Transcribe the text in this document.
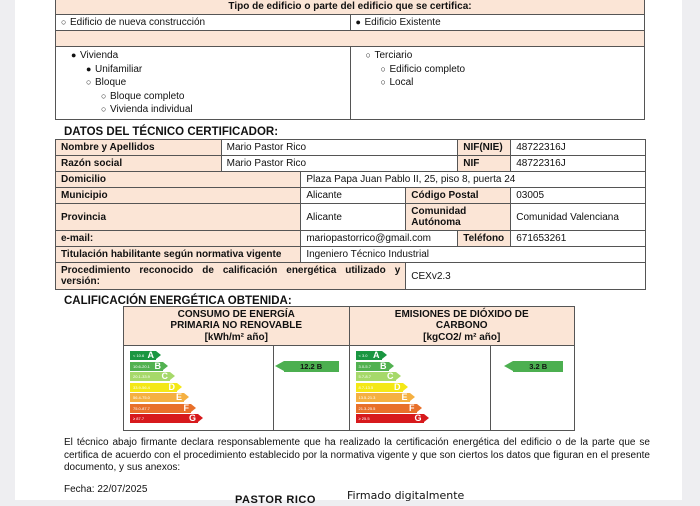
Tipo de edificio o parte del edificio que se certifica:	
○ Edificio de nueva construcción	● Edificio Existente

● Vivienda
● Unifamiliar
○ Bloque
○ Bloque completo
○ Vivienda individual

○ Terciario
○ Edificio completo
○ Local
DATOS DEL TÉCNICO CERTIFICADOR:
Nombre y Apellidos	Mario Pastor Rico			NIF(NIE)	48722316J
Razón social	Mario Pastor Rico			NIF	48722316J
Domicilio		Plaza Papa Juan Pablo II, 25, piso 8, puerta 24			
Municipio		Alicante	Código Postal		03005
Provincia		Alicante	Comunidad Autónoma		Comunidad Valenciana
e-mail:		mariopastorrico@gmail.com		Teléfono	671653261
Titulación habilitante según normativa vigente		Ingeniero Técnico Industrial			
Procedimiento reconocido de calificación energética utilizado y versión:			CEXv2.3		
CALIFICACIÓN ENERGÉTICA OBTENIDA:
CONSUMO DE ENERGÍA
PRIMARIA NO RENOVABLE
[kWh/m² año]

EMISIONES DE DIÓXIDO DE
CARBONO
[kgCO2/ m² año]

< 10.6 A
10.6-20.1 B
20.1-33.9 C
33.9-56.4 D
56.4-75.0	E
75.0-87.7	F
≥ 87.7	G

12.2 B

< 3.0 A
3.0-5.7 B
5.7-8.7 C
8.7-13.5 D
13.5-21.3	E
21.3-25.5	F
≥ 25.5	G

3.2 B
El técnico abajo firmante declara responsablemente que ha realizado la certificación energética del edificio o de la parte que se certifica de acuerdo con el procedimiento establecido por la normativa vigente y que son ciertos los datos que figuran en el presente documento, y sus anexos:
Fecha: 22/07/2025
PASTOR RICO	Firmado digitalmente
